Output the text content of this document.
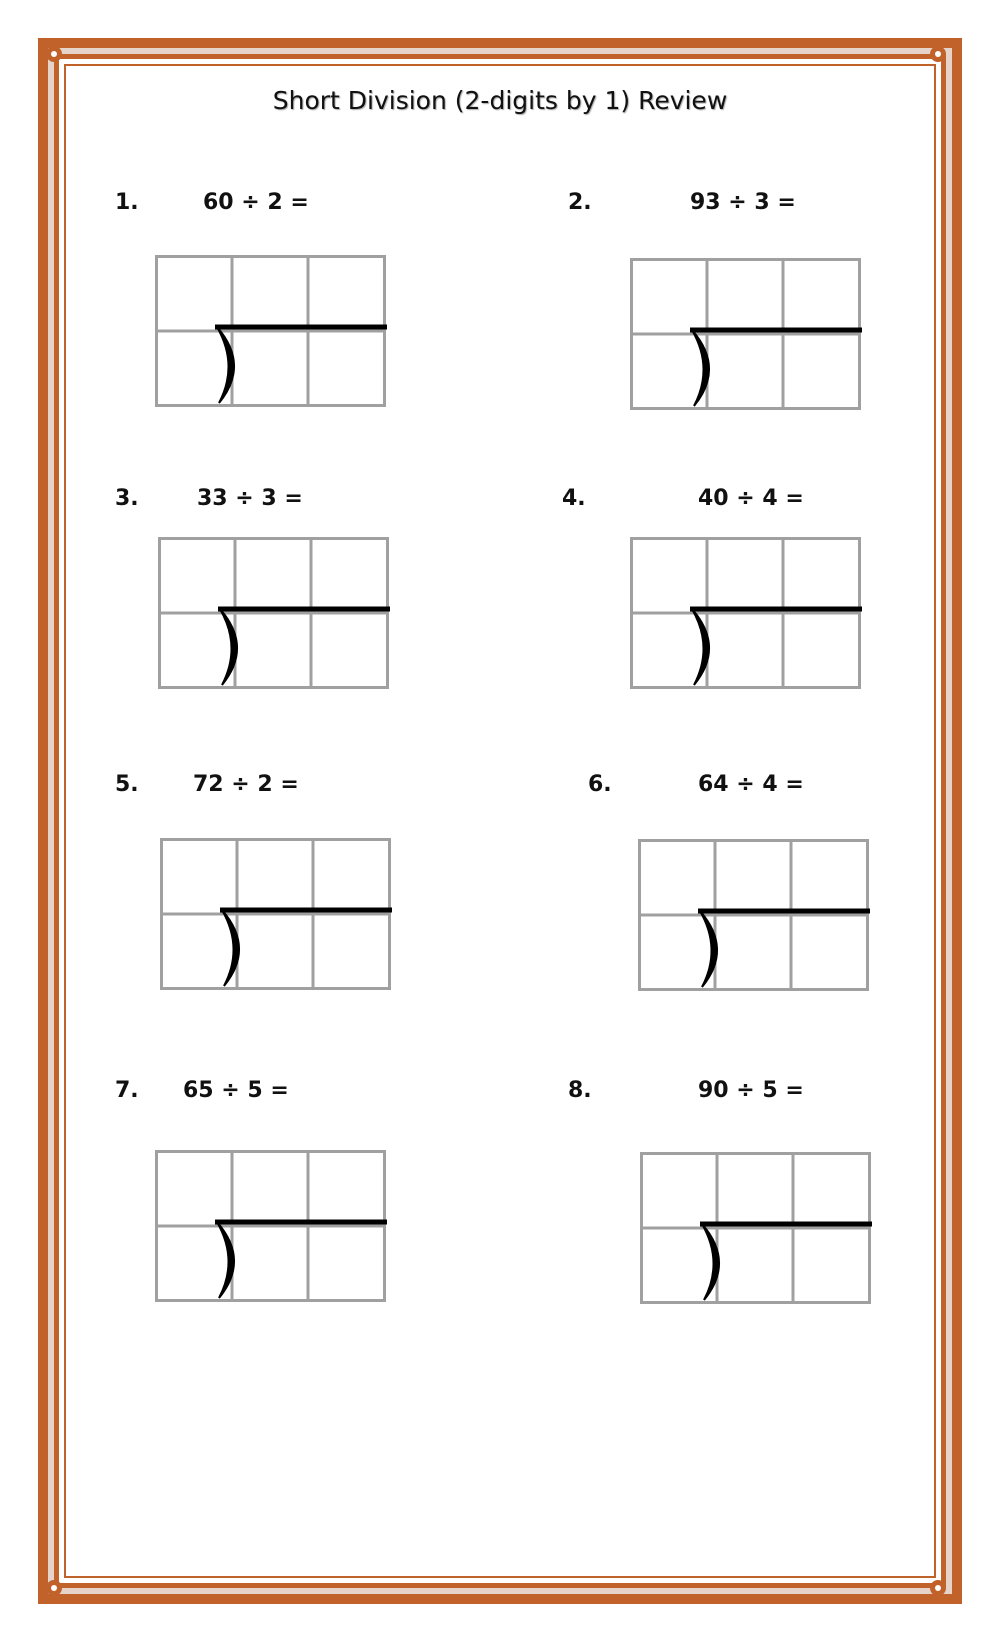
Short Division (2-digits by 1) Review
1.	60 ÷ 2 =	2.	93 ÷ 3 =
3.	33 ÷ 3 =	4.	40 ÷ 4 =
5. 72 ÷ 2 =	6.	64 ÷ 4 =
7. 65 ÷ 5 =	8.	90 ÷ 5 =
